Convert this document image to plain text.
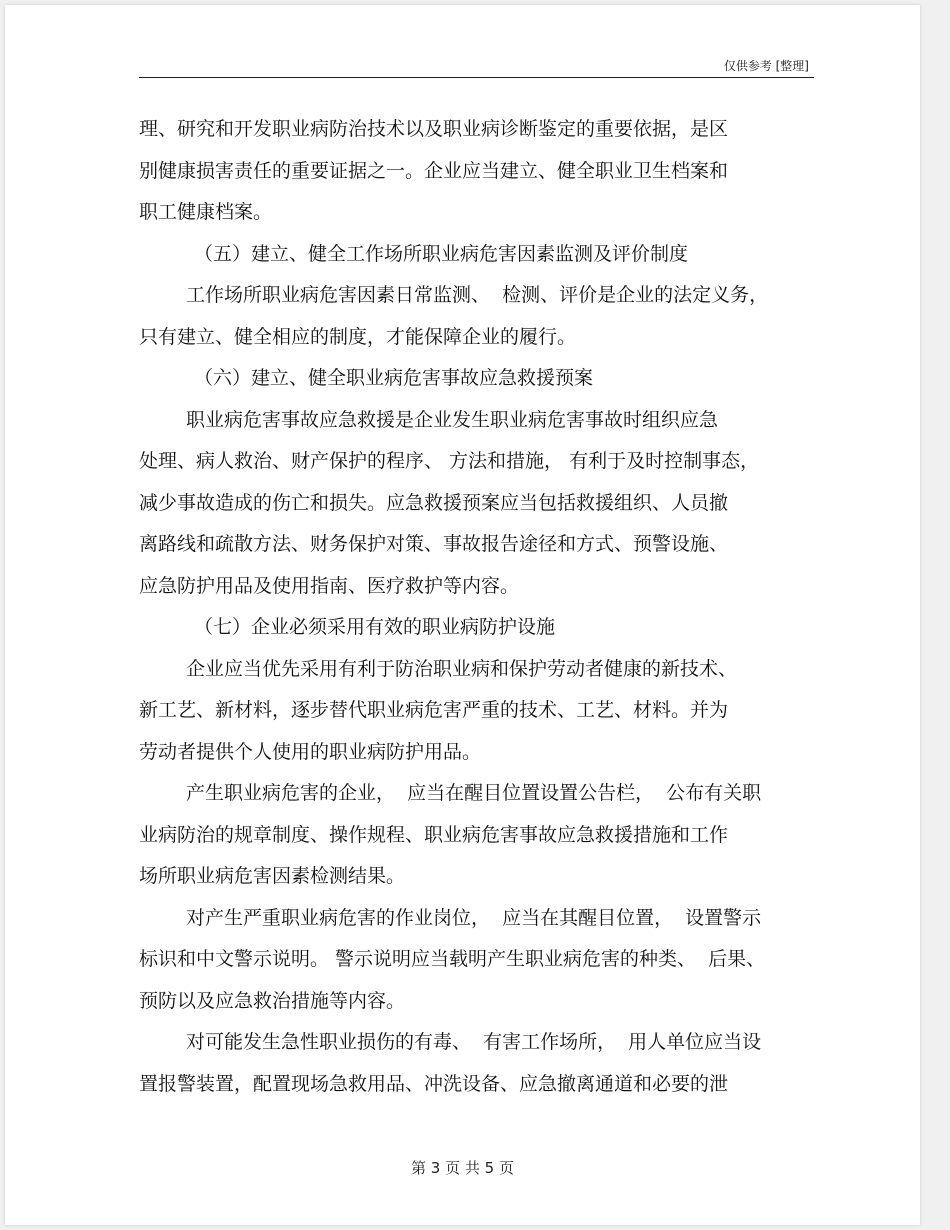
仅供参考 [整理]
理、研究和开发职业病防治技术以及职业病诊断鉴定的重要依据，是区
别健康损害责任的重要证据之一。企业应当建立、健全职业卫生档案和
职工健康档案。
（五）建立、健全工作场所职业病危害因素监测及评价制度
工作场所职业病危害因素日常监测、  检测、评价是企业的法定义务，
只有建立、健全相应的制度，才能保障企业的履行。
（六）建立、健全职业病危害事故应急救援预案
职业病危害事故应急救援是企业发生职业病危害事故时组织应急
处理、病人救治、财产保护的程序、 方法和措施， 有利于及时控制事态，
减少事故造成的伤亡和损失。应急救援预案应当包括救援组织、人员撤
离路线和疏散方法、财务保护对策、事故报告途径和方式、预警设施、
应急防护用品及使用指南、医疗救护等内容。
（七）企业必须采用有效的职业病防护设施
企业应当优先采用有利于防治职业病和保护劳动者健康的新技术、
新工艺、新材料，逐步替代职业病危害严重的技术、工艺、材料。并为
劳动者提供个人使用的职业病防护用品。
产生职业病危害的企业，  应当在醒目位置设置公告栏，  公布有关职
业病防治的规章制度、操作规程、职业病危害事故应急救援措施和工作
场所职业病危害因素检测结果。
对产生严重职业病危害的作业岗位，  应当在其醒目位置，  设置警示
标识和中文警示说明。 警示说明应当载明产生职业病危害的种类、  后果、
预防以及应急救治措施等内容。
对可能发生急性职业损伤的有毒、  有害工作场所，  用人单位应当设
置报警装置，配置现场急救用品、冲洗设备、应急撤离通道和必要的泄
第 3 页 共 5 页
